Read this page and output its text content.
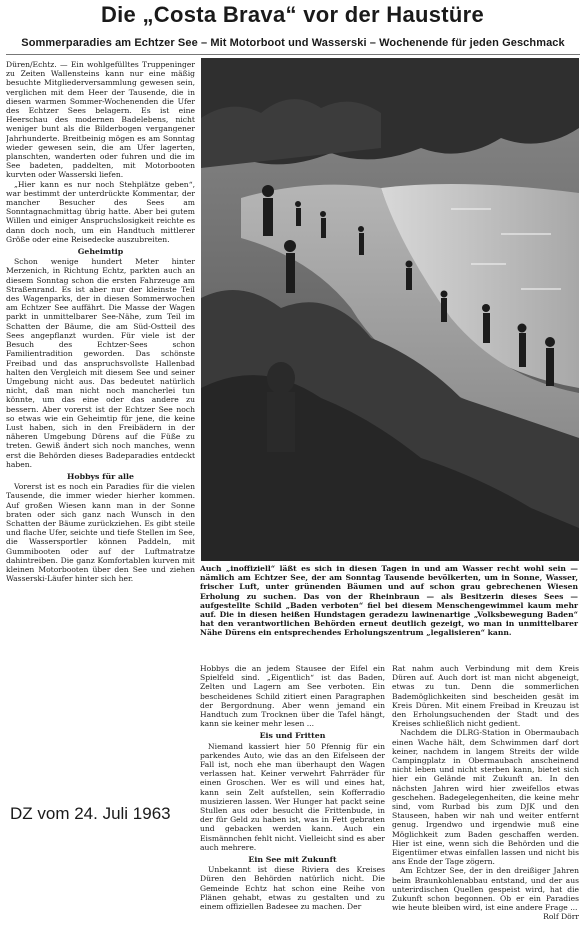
Die „Costa Brava“ vor der Haustüre
Sommerparadies am Echtzer See – Mit Motorboot und Wasserski – Wochenende für jeden Geschmack

Düren/Echtz. — Ein wohlgefülltes Truppeninger zu Zeiten Wallensteins kann nur eine mäßig besuchte Mitgliederversammlung gewesen sein, verglichen mit dem Heer der Tausende, die in diesen warmen Sommer-Wochenenden die Ufer des Echtzer Sees belagern. Es ist eine Heerschau des modernen Badelebens, nicht weniger bunt als die Bilderbogen vergangener Jahrhunderte. Breitbeinig mögen es am Sonntag wieder gewesen sein, die am Ufer lagerten, planschten, wanderten oder fuhren und die im See badeten, paddelten, mit Motorbooten kurvten oder Wasserski liefen.

„Hier kann es nur noch Stehplätze geben“, war bestimmt der unterdrückte Kommentar, der mancher Besucher des Sees am Sonntagnachmittag übrig hatte. Aber bei gutem Willen und einiger Anspruchslosigkeit reichte es dann doch noch, um ein Handtuch mittlerer Größe oder eine Reisedecke auszubreiten.

Geheimtip

Schon wenige hundert Meter hinter Merzenich, in Richtung Echtz, parkten auch an diesem Sonntag schon die ersten Fahrzeuge am Straßenrand. Es ist aber nur der kleinste Teil des Wagenparks, der in diesen Sommerwochen am Echtzer See auffährt. Die Masse der Wagen parkt in unmittelbarer See-Nähe, zum Teil im Schatten der Bäume, die am Süd-Ostteil des Sees angepflanzt wurden. Für viele ist der Besuch des Echtzer-Sees schon Familientradition geworden. Das schönste Freibad und das anspruchsvollste Hallenbad halten den Vergleich mit diesem See und seiner Umgebung nicht aus. Das bedeutet natürlich nicht, daß man nicht noch mancherlei tun könnte, um das eine oder das andere zu bessern. Aber vorerst ist der Echtzer See noch so etwas wie ein Geheimtip für jene, die keine Lust haben, sich in den Freibädern in der näheren Umgebung Dürens auf die Füße zu treten. Gewiß ändert sich noch manches, wenn erst die Behörden dieses Badeparadies entdeckt haben.

Hobbys für alle

Vorerst ist es noch ein Paradies für die vielen Tausende, die immer wieder hierher kommen. Auf großen Wiesen kann man in der Sonne braten oder sich ganz nach Wunsch in den Schatten der Bäume zurückziehen. Es gibt steile und flache Ufer, seichte und tiefe Stellen im See, die Wassersportler können Paddeln, mit Gummibooten oder auf der Luftmatratze dahintreiben. Die ganz Komfortablen kurven mit kleinen Motorbooten über den See und ziehen Wasserski-Läufer hinter sich her.

Auch „inoffiziell“ läßt es sich in diesen Tagen in und am Wasser recht wohl sein — nämlich am Echtzer See, der am Sonntag Tausende bevölkerten, um in Sonne, Wasser, frischer Luft, unter grünenden Bäumen und auf schon grau gebrechenen Wiesen Erholung zu suchen. Das von der Rheinbraun — als Besitzerin dieses Sees — aufgestellte Schild „Baden verboten“ fiel bei diesem Menschengewimmel kaum mehr auf. Die in diesen heißen Hundstagen geradezu lawinenartige „Volksbewegung Baden“ hat den verantwortlichen Behörden erneut deutlich gezeigt, wo man in unmittelbarer Nähe Dürens ein entsprechendes Erholungszentrum „legalisieren“ kann.

Hobbys die an jedem Stausee der Eifel ein Spielfeld sind. „Eigentlich“ ist das Baden, Zelten und Lagern am See verboten. Ein bescheidenes Schild zitiert einen Paragraphen der Bergordnung. Aber wenn jemand ein Handtuch zum Trocknen über die Tafel hängt, kann sie keiner mehr lesen ...

Eis und Fritten

Niemand kassiert hier 50 Pfennig für ein parkendes Auto, wie das an den Eifelseen der Fall ist, noch ehe man überhaupt den Wagen verlassen hat. Keiner verwehrt Fahrräder für einen Groschen. Wer es will und eines hat, kann sein Zelt aufstellen, sein Kofferradio musizieren lassen. Wer Hunger hat packt seine Stullen aus oder besucht die Frittenbude, in der für Geld zu haben ist, was in Fett gebraten und gebacken werden kann. Auch ein Eismännchen fehlt nicht. Vielleicht sind es aber auch mehrere.

Ein See mit Zukunft

Unbekannt ist diese Riviera des Kreises Düren den Behörden natürlich nicht. Die Gemeinde Echtz hat schon eine Reihe von Plänen gehabt, etwas zu gestalten und zu einem offiziellen Badesee zu machen. Der

Rat nahm auch Verbindung mit dem Kreis Düren auf. Auch dort ist man nicht abgeneigt, etwas zu tun. Denn die sommerlichen Bademöglichkeiten sind bescheiden gesät im Kreis Düren. Mit einem Freibad in Kreuzau ist den Erholungsuchenden der Stadt und des Kreises schließlich nicht gedient.

Nachdem die DLRG-Station in Obermaubach einen Wache hält, dem Schwimmen darf dort keiner, nachdem in langem Streits der wilde Campingplatz in Obermaubach anscheinend nicht leben und nicht sterben kann, bietet sich hier ein Gelände mit Zukunft an. In den nächsten Jahren wird hier zweifellos etwas geschehen. Badegelegenheiten, die keine mehr sind, vom Rurbad bis zum DJK und den Stauseen, haben wir nah und weiter entfernt genug. Irgendwo und irgendwie muß eine Möglichkeit zum Baden geschaffen werden. Hier ist eine, wenn sich die Behörden und die Eigentümer etwas einfallen lassen und nicht bis ans Ende der Tage zögern.

Am Echtzer See, der in den dreißiger Jahren beim Braunkohlenabbau entstand, und der aus unterirdischen Quellen gespeist wird, hat die Zukunft schon begonnen. Ob er ein Paradies wie heute bleiben wird, ist eine andere Frage ...

Rolf Dörr
DZ vom 24. Juli 1963
